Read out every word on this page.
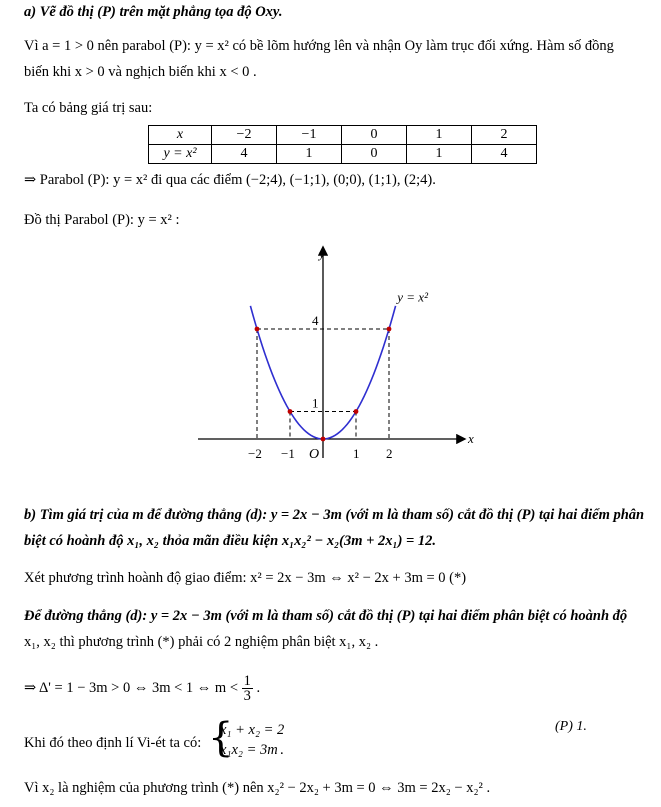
a) Vẽ đồ thị (P) trên mặt phẳng tọa độ Oxy.
Vì a = 1 > 0 nên parabol (P): y = x² có bề lõm hướng lên và nhận Oy làm trục đối xứng. Hàm số đồng
biến khi x > 0 và nghịch biến khi x < 0 .
Ta có bảng giá trị sau:
x	−2	−1	0	1	2
y = x²	4	1	0	1	4
⇒ Parabol (P): y = x² đi qua các điểm (−2;4), (−1;1), (0;0), (1;1), (2;4).
Đồ thị Parabol (P): y = x² :
x
y
O
y = x²
−2 −1	1 2
1
4
b) Tìm giá trị của m để đường thẳng (d): y = 2x − 3m (với m là tham số) cắt đồ thị (P) tại hai điểm phân
biệt có hoành độ x₁, x₂ thỏa mãn điều kiện x₁x₂² − x₂(3m + 2x₁) = 12.
Xét phương trình hoành độ giao điểm: x² = 2x − 3m ⇔ x² − 2x + 3m = 0 (*)
Để đường thẳng (d): y = 2x − 3m (với m là tham số) cắt đồ thị (P) tại hai điểm phân biệt có hoành độ
x₁, x₂ thì phương trình (*) phải có 2 nghiệm phân biệt x₁, x₂ .
⇒ Δ' = 1 − 3m > 0 ⇔ 3m < 1 ⇔ $m < \frac{1}{3}$ .
Khi đó theo định lí Vi-ét ta có: {
x₁ + x₂ = 2
x₁x₂ = 3m .
(P) 1.
Vì x₂ là nghiệm của phương trình (*) nên x₂² − 2x₂ + 3m = 0 ⇔ 3m = 2x₂ − x₂² .
